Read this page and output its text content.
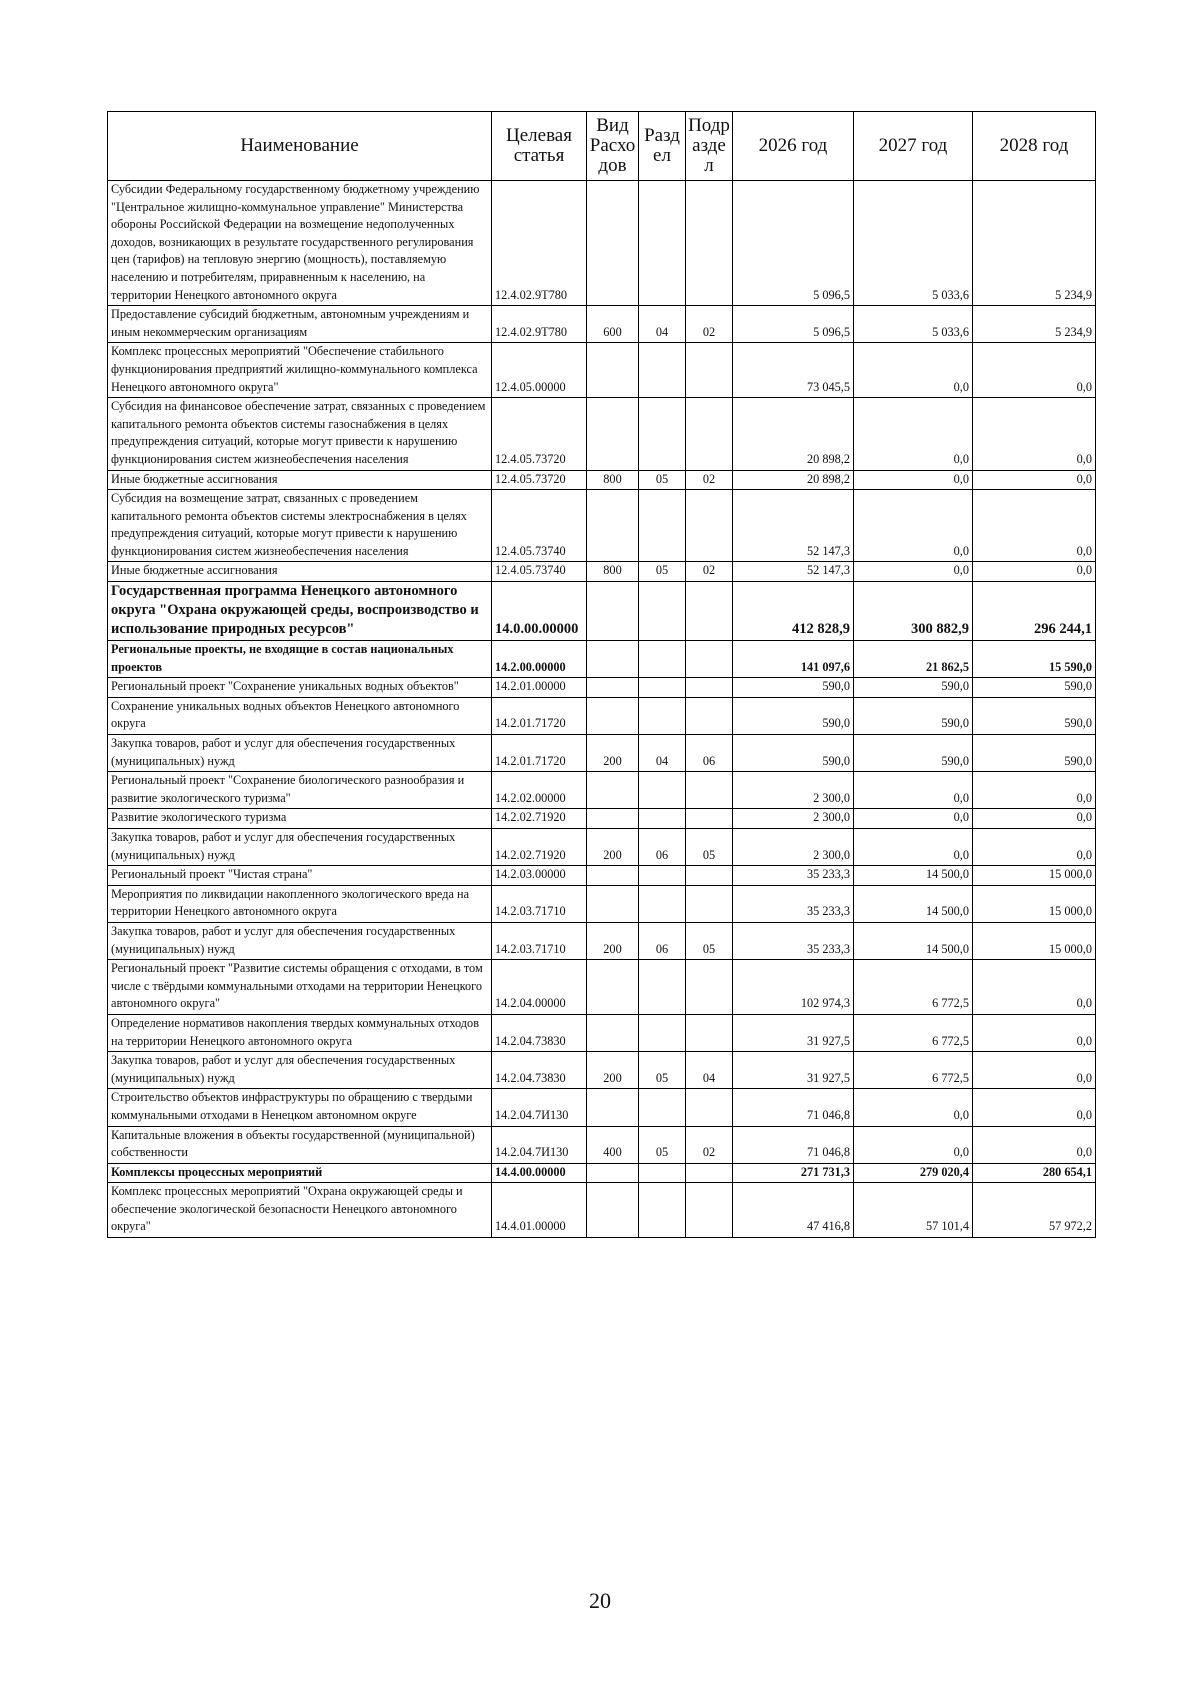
Наименование	Целевая статья	Вид Расхо дов	Разд ел	Подр азде л	2026 год	2027 год	2028 год
Субсидии Федеральному государственному бюджетному учреждению "Центральное жилищно-коммунальное управление" Министерства обороны Российской Федерации на возмещение недополученных доходов, возникающих в результате государственного регулирования цен (тарифов) на тепловую энергию (мощность), поставляемую населению и потребителям, приравненным к населению, на территории Ненецкого автономного округа	12.4.02.9Т780				5 096,5	5 033,6	5 234,9
Предоставление субсидий бюджетным, автономным учреждениям и иным некоммерческим организациям	12.4.02.9Т780	600	04	02	5 096,5	5 033,6	5 234,9
Комплекс процессных мероприятий "Обеспечение стабильного функционирования предприятий жилищно-коммунального комплекса Ненецкого автономного округа"	12.4.05.00000				73 045,5	0,0	0,0
Субсидия на финансовое обеспечение затрат, связанных с проведением капитального ремонта объектов системы газоснабжения в целях предупреждения ситуаций, которые могут привести к нарушению функционирования систем жизнеобеспечения населения	12.4.05.73720				20 898,2	0,0	0,0
Иные бюджетные ассигнования	12.4.05.73720	800	05	02	20 898,2	0,0	0,0
Субсидия на возмещение затрат, связанных с проведением капитального ремонта объектов системы электроснабжения в целях предупреждения ситуаций, которые могут привести к нарушению функционирования систем жизнеобеспечения населения	12.4.05.73740				52 147,3	0,0	0,0
Иные бюджетные ассигнования	12.4.05.73740	800	05	02	52 147,3	0,0	0,0
Государственная программа Ненецкого автономного округа "Охрана окружающей среды, воспроизводство и использование природных ресурсов"	14.0.00.00000				412 828,9	300 882,9	296 244,1
Региональные проекты, не входящие в состав национальных проектов	14.2.00.00000				141 097,6	21 862,5	15 590,0
Региональный проект "Сохранение уникальных водных объектов"	14.2.01.00000				590,0	590,0	590,0
Сохранение уникальных водных объектов Ненецкого автономного округа	14.2.01.71720				590,0	590,0	590,0
Закупка товаров, работ и услуг для обеспечения государственных (муниципальных) нужд	14.2.01.71720	200	04	06	590,0	590,0	590,0
Региональный проект "Сохранение биологического разнообразия и развитие экологического туризма"	14.2.02.00000				2 300,0	0,0	0,0
Развитие экологического туризма	14.2.02.71920				2 300,0	0,0	0,0
Закупка товаров, работ и услуг для обеспечения государственных (муниципальных) нужд	14.2.02.71920	200	06	05	2 300,0	0,0	0,0
Региональный проект "Чистая страна"	14.2.03.00000				35 233,3	14 500,0	15 000,0
Мероприятия по ликвидации накопленного экологического вреда на территории Ненецкого автономного округа	14.2.03.71710				35 233,3	14 500,0	15 000,0
Закупка товаров, работ и услуг для обеспечения государственных (муниципальных) нужд	14.2.03.71710	200	06	05	35 233,3	14 500,0	15 000,0
Региональный проект "Развитие системы обращения с отходами, в том числе с твёрдыми коммунальными отходами на территории Ненецкого автономного округа"	14.2.04.00000				102 974,3	6 772,5	0,0
Определение нормативов накопления твердых коммунальных отходов на территории Ненецкого автономного округа	14.2.04.73830				31 927,5	6 772,5	0,0
Закупка товаров, работ и услуг для обеспечения государственных (муниципальных) нужд	14.2.04.73830	200	05	04	31 927,5	6 772,5	0,0
Строительство объектов инфраструктуры по обращению с твердыми коммунальными отходами в Ненецком автономном округе	14.2.04.7И130				71 046,8	0,0	0,0
Капитальные вложения в объекты государственной (муниципальной) собственности	14.2.04.7И130	400	05	02	71 046,8	0,0	0,0
Комплексы процессных мероприятий	14.4.00.00000				271 731,3	279 020,4	280 654,1
Комплекс процессных мероприятий "Охрана окружающей среды и обеспечение экологической безопасности Ненецкого автономного округа"	14.4.01.00000				47 416,8	57 101,4	57 972,2
20
